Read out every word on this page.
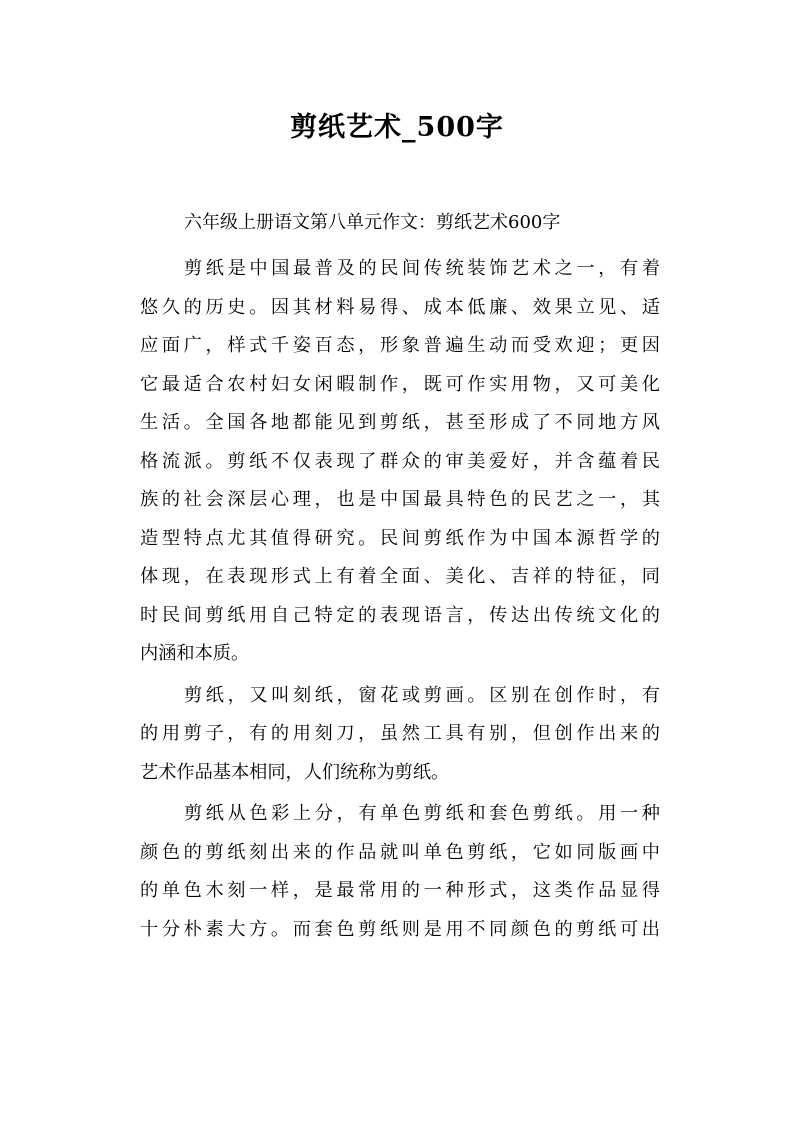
剪纸艺术_500字
六年级上册语文第八单元作文：剪纸艺术600字
剪纸是中国最普及的民间传统装饰艺术之一，有着
悠久的历史。因其材料易得、成本低廉、效果立见、适
应面广，样式千姿百态，形象普遍生动而受欢迎；更因
它最适合农村妇女闲暇制作，既可作实用物，又可美化
生活。全国各地都能见到剪纸，甚至形成了不同地方风
格流派。剪纸不仅表现了群众的审美爱好，并含蕴着民
族的社会深层心理，也是中国最具特色的民艺之一，其
造型特点尤其值得研究。民间剪纸作为中国本源哲学的
体现，在表现形式上有着全面、美化、吉祥的特征，同
时民间剪纸用自己特定的表现语言，传达出传统文化的
内涵和本质。
剪纸，又叫刻纸，窗花或剪画。区别在创作时，有
的用剪子，有的用刻刀，虽然工具有别，但创作出来的
艺术作品基本相同，人们统称为剪纸。
剪纸从色彩上分，有单色剪纸和套色剪纸。用一种
颜色的剪纸刻出来的作品就叫单色剪纸，它如同版画中
的单色木刻一样，是最常用的一种形式，这类作品显得
十分朴素大方。而套色剪纸则是用不同颜色的剪纸可出
